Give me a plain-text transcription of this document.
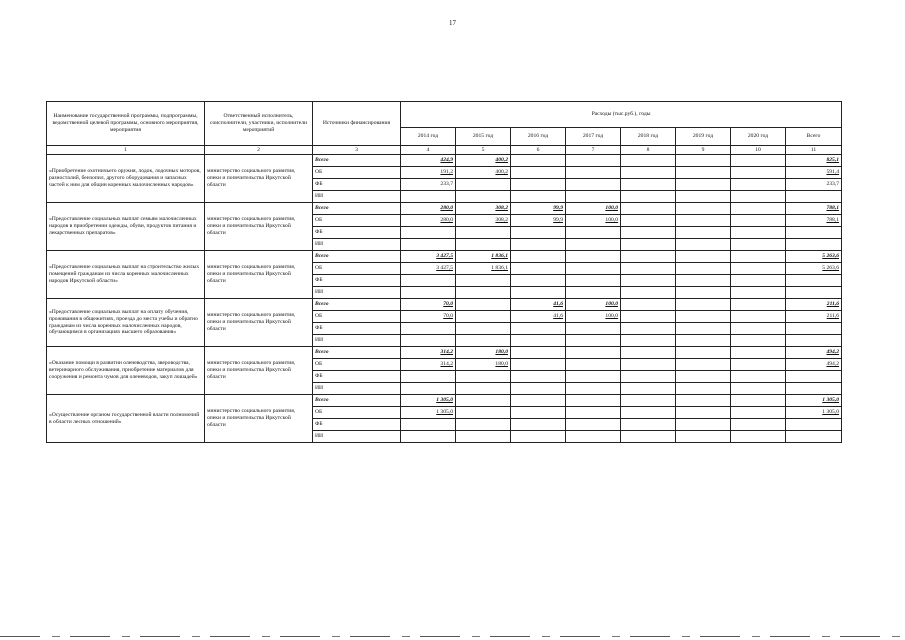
17
Наименование государственной программы, подпрограммы, ведомственной целевой программы, основного мероприятия, мероприятия	Ответственный исполнитель, соисполнители, участники, исполнители мероприятий	Источники финансирования	Расходы (тыс.руб.), годы							
			2014 год	2015 год	2016 год	2017 год	2018 год	2019 год	2020 год	Всего
1	2	3	4	5	6	7	8	9	10	11
«Приобретение охотничьего оружия, лодок, лодочных моторов, разносталий, бензопил, другого оборудования и запасных частей к ним для общин коренных малочисленных народов»	министерство социального развития, опеки и попечительства Иркутской области	Всего	424,9	400,2						825,1
		ОБ	191,2	400,2						591,4
		ФБ	233,7							233,7
		ИИ								
«Предоставление социальных выплат семьям малочисленных народов в приобретении одежды, обуви, продуктов питания и лекарственных препаратов»	министерство социального развития, опеки и попечительства Иркутской области	Всего	280,0	308,2	99,9	100,0				788,1
		ОБ	280,0	308,2	99,9	100,0				788,1
		ФБ								
		ИИ								
«Предоставление социальных выплат на строительство жилых помещений гражданам из числа коренных малочисленных народов Иркутской области»	министерство социального развития, опеки и попечительства Иркутской области	Всего	3 427,5	1 836,1						5 263,6
		ОБ	3 427,5	1 836,1						5 263,6
		ФБ								
		ИИ								
«Предоставление социальных выплат на оплату обучения, проживания в общежитиях, проезда до места учебы и обратно гражданам из числа коренных малочисленных народов, обучающимся в организациях высшего образования»	министерство социального развития, опеки и попечительства Иркутской области	Всего	70,0		41,6	100,0				211,6
		ОБ	70,0		41,6	100,0				211,6
		ФБ								
		ИИ								
«Оказание помощи в развитии оленеводства, звероводства, ветеринарного обслуживания, приобретение материалов для сооружения и ремонта чумов для оленеводов, закуп лошадей»	министерство социального развития, опеки и попечительства Иркутской области	Всего	314,2	180,0						494,2
		ОБ	314,2	180,0						494,2
		ФБ								
		ИИ								
«Осуществление органом государственной власти полномочий в области лесных отношений»	министерство социального развития, опеки и попечительства Иркутской области	Всего	1 305,0							1 305,0
		ОБ	1 305,0							1 305,0
		ФБ								
		ИИ								
